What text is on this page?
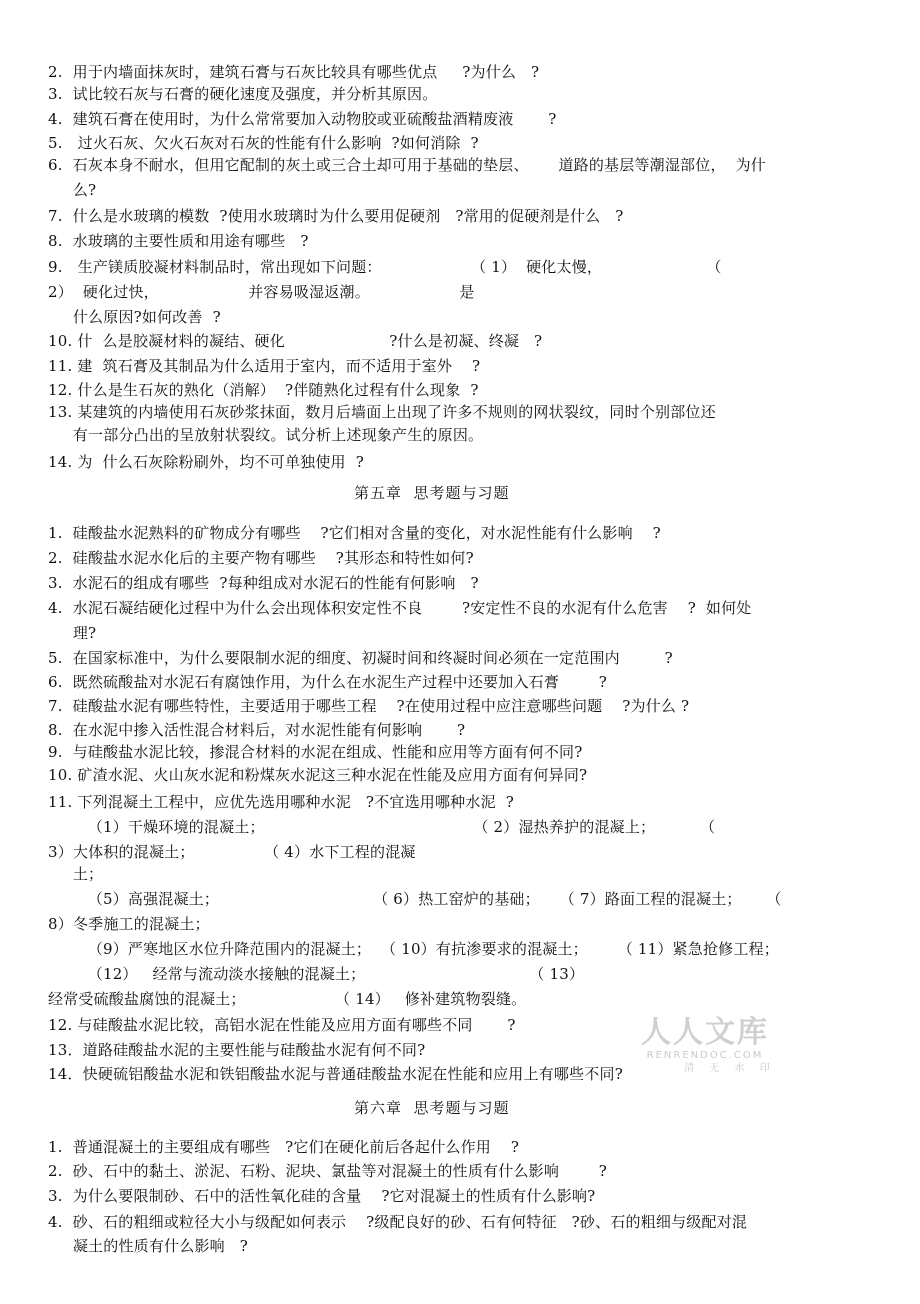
2.  用于内墙面抹灰时，建筑石膏与石灰比较具有哪些优点     ?为什么   ?
3.  试比较石灰与石膏的硬化速度及强度，并分析其原因。
4.  建筑石膏在使用时，为什么常常要加入动物胶或亚硫酸盐酒精废液       ?
5.   过火石灰、欠火石灰对石灰的性能有什么影响  ?如何消除  ?
6.  石灰本身不耐水，但用它配制的灰土或三合土却可用于基础的垫层、      道路的基层等潮湿部位，  为什
么?
7.  什么是水玻璃的模数  ?使用水玻璃时为什么要用促硬剂   ?常用的促硬剂是什么   ?
8.  水玻璃的主要性质和用途有哪些   ?
9.   生产镁质胶凝材料制品时，常出现如下问题：                  （ 1）  硬化太慢，                     （
2）  硬化过快，                  并容易吸湿返潮。                  是
什么原因?如何改善  ?
10. 什  么是胶凝材料的凝结、硬化                     ?什么是初凝、终凝   ?
11. 建  筑石膏及其制品为什么适用于室内，而不适用于室外    ?
12. 什么是生石灰的熟化（消解）  ?伴随熟化过程有什么现象  ?
13. 某建筑的内墙使用石灰砂浆抹面，数月后墙面上出现了许多不规则的网状裂纹，同时个别部位还
有一部分凸出的呈放射状裂纹。试分析上述现象产生的原因。
14. 为  什么石灰除粉刷外，均不可单独使用  ?
第五章  思考题与习题
1.  硅酸盐水泥熟料的矿物成分有哪些    ?它们相对含量的变化，对水泥性能有什么影响    ?
2.  硅酸盐水泥水化后的主要产物有哪些    ?其形态和特性如何?
3.  水泥石的组成有哪些  ?每种组成对水泥石的性能有何影响   ?
4.  水泥石凝结硬化过程中为什么会出现体积安定性不良        ?安定性不良的水泥有什么危害    ?  如何处
理?
5.  在国家标准中，为什么要限制水泥的细度、初凝时间和终凝时间必须在一定范围内         ?
6.  既然硫酸盐对水泥石有腐蚀作用，为什么在水泥生产过程中还要加入石膏        ?
7.  硅酸盐水泥有哪些特性，主要适用于哪些工程    ?在使用过程中应注意哪些问题    ?为什么 ?
8.  在水泥中掺入活性混合材料后，对水泥性能有何影响       ?
9.  与硅酸盐水泥比较，掺混合材料的水泥在组成、性能和应用等方面有何不同?
10. 矿渣水泥、火山灰水泥和粉煤灰水泥这三种水泥在性能及应用方面有何异同?
11. 下列混凝土工程中，应优先选用哪种水泥   ?不宜选用哪种水泥  ?
（1）干燥环境的混凝土；                                          （ 2）湿热养护的混凝上；         （
3）大体积的混凝土；              （ 4）水下工程的混凝
土；
（5）高强混凝土；                               （ 6）热工窑炉的基础；    （ 7）路面工程的混凝土；     （
8）冬季施工的混凝土；
（9）严寒地区水位升降范围内的混凝土；  （ 10）有抗渗要求的混凝土；      （ 11）紧急抢修工程；
（12）   经常与流动淡水接触的混凝土；                                 （ 13）
经常受硫酸盐腐蚀的混凝土；                  （ 14）   修补建筑物裂缝。
12. 与硅酸盐水泥比较，高铝水泥在性能及应用方面有哪些不同       ?
13．道路硅酸盐水泥的主要性能与硅酸盐水泥有何不同?
14．快硬硫铝酸盐水泥和铁铝酸盐水泥与普通硅酸盐水泥在性能和应用上有哪些不同?
第六章  思考题与习题
1.  普通混凝土的主要组成有哪些   ?它们在硬化前后各起什么作用    ?
2.  砂、石中的黏土、淤泥、石粉、泥块、氯盐等对混凝土的性质有什么影响        ?
3.  为什么要限制砂、石中的活性氧化硅的含量    ?它对混凝土的性质有什么影响?
4.  砂、石的粗细或粒径大小与级配如何表示    ?级配良好的砂、石有何特征   ?砂、石的粗细与级配对混
凝土的性质有什么影响   ?
人人文库
RENRENDOC.COM
清 无 水 印
